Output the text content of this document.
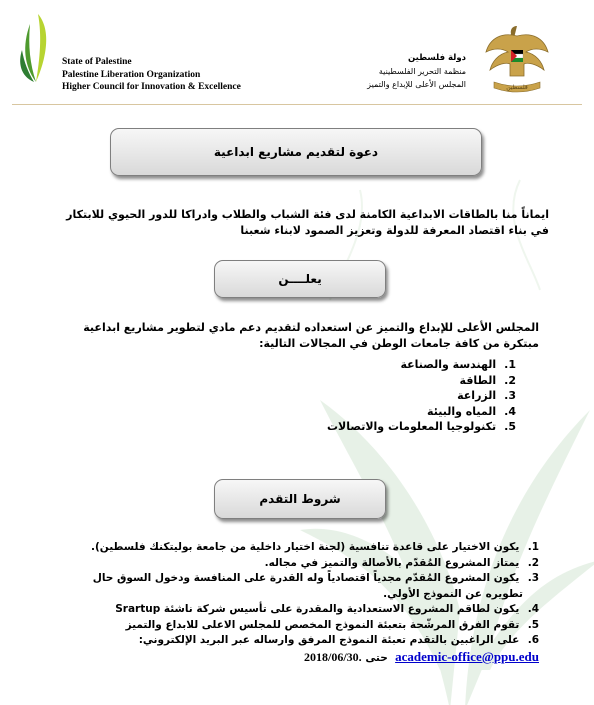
State of Palestine
Palestine Liberation Organization
Higher Council for Innovation & Excellence
دولة فلسطين
منظمة التحرير الفلسطينية
المجلس الأعلى للإبداع والتميز	فلسطين
دعوة لتقديم مشاريع ابداعية
ايماناً منا بالطاقات الابداعية الكامنة لدى فئة الشباب والطلاب وادراكا للدور الحيوي للابتكار
في بناء اقتصاد المعرفة للدولة وتعزيز الصمود لابناء شعبنا
يعلــــن
المجلس الأعلى للإبداع والتميز عن استعداده لتقديم دعم مادي لتطوير مشاريع ابداعية
مبتكرة من كافة جامعات الوطن في المجالات التالية:
1. الهندسة والصناعة
2. الطاقة
3. الزراعة
4. المياه والبيئة
5. تكنولوجيا المعلومات والاتصالات
شروط التقدم
1. يكون الاختيار على قاعدة تنافسية (لجنة اختيار داخلية من جامعة بوليتكنك فلسطين).
2. يمتاز المشروع المُقدّم بالأصالة والتميز في مجاله.
3. يكون المشروع المُقدّم مجدياً اقتصادياً وله القدرة على المنافسة ودخول السوق حال
تطويره عن النموذج الأولي.
4. يكون لطاقم المشروع الاستعدادية والمقدرة على تأسيس شركة ناشئة Srartup
5. تقوم الفرق المرشّحة بتعبئة النموذج المخصص للمجلس الاعلى للابداع والتميز
6. على الراغبين بالتقدم تعبئة النموذج المرفق وارساله عبر البريد الإلكتروني:
academic-office@ppu.edu  حتى 2018/06/30.
